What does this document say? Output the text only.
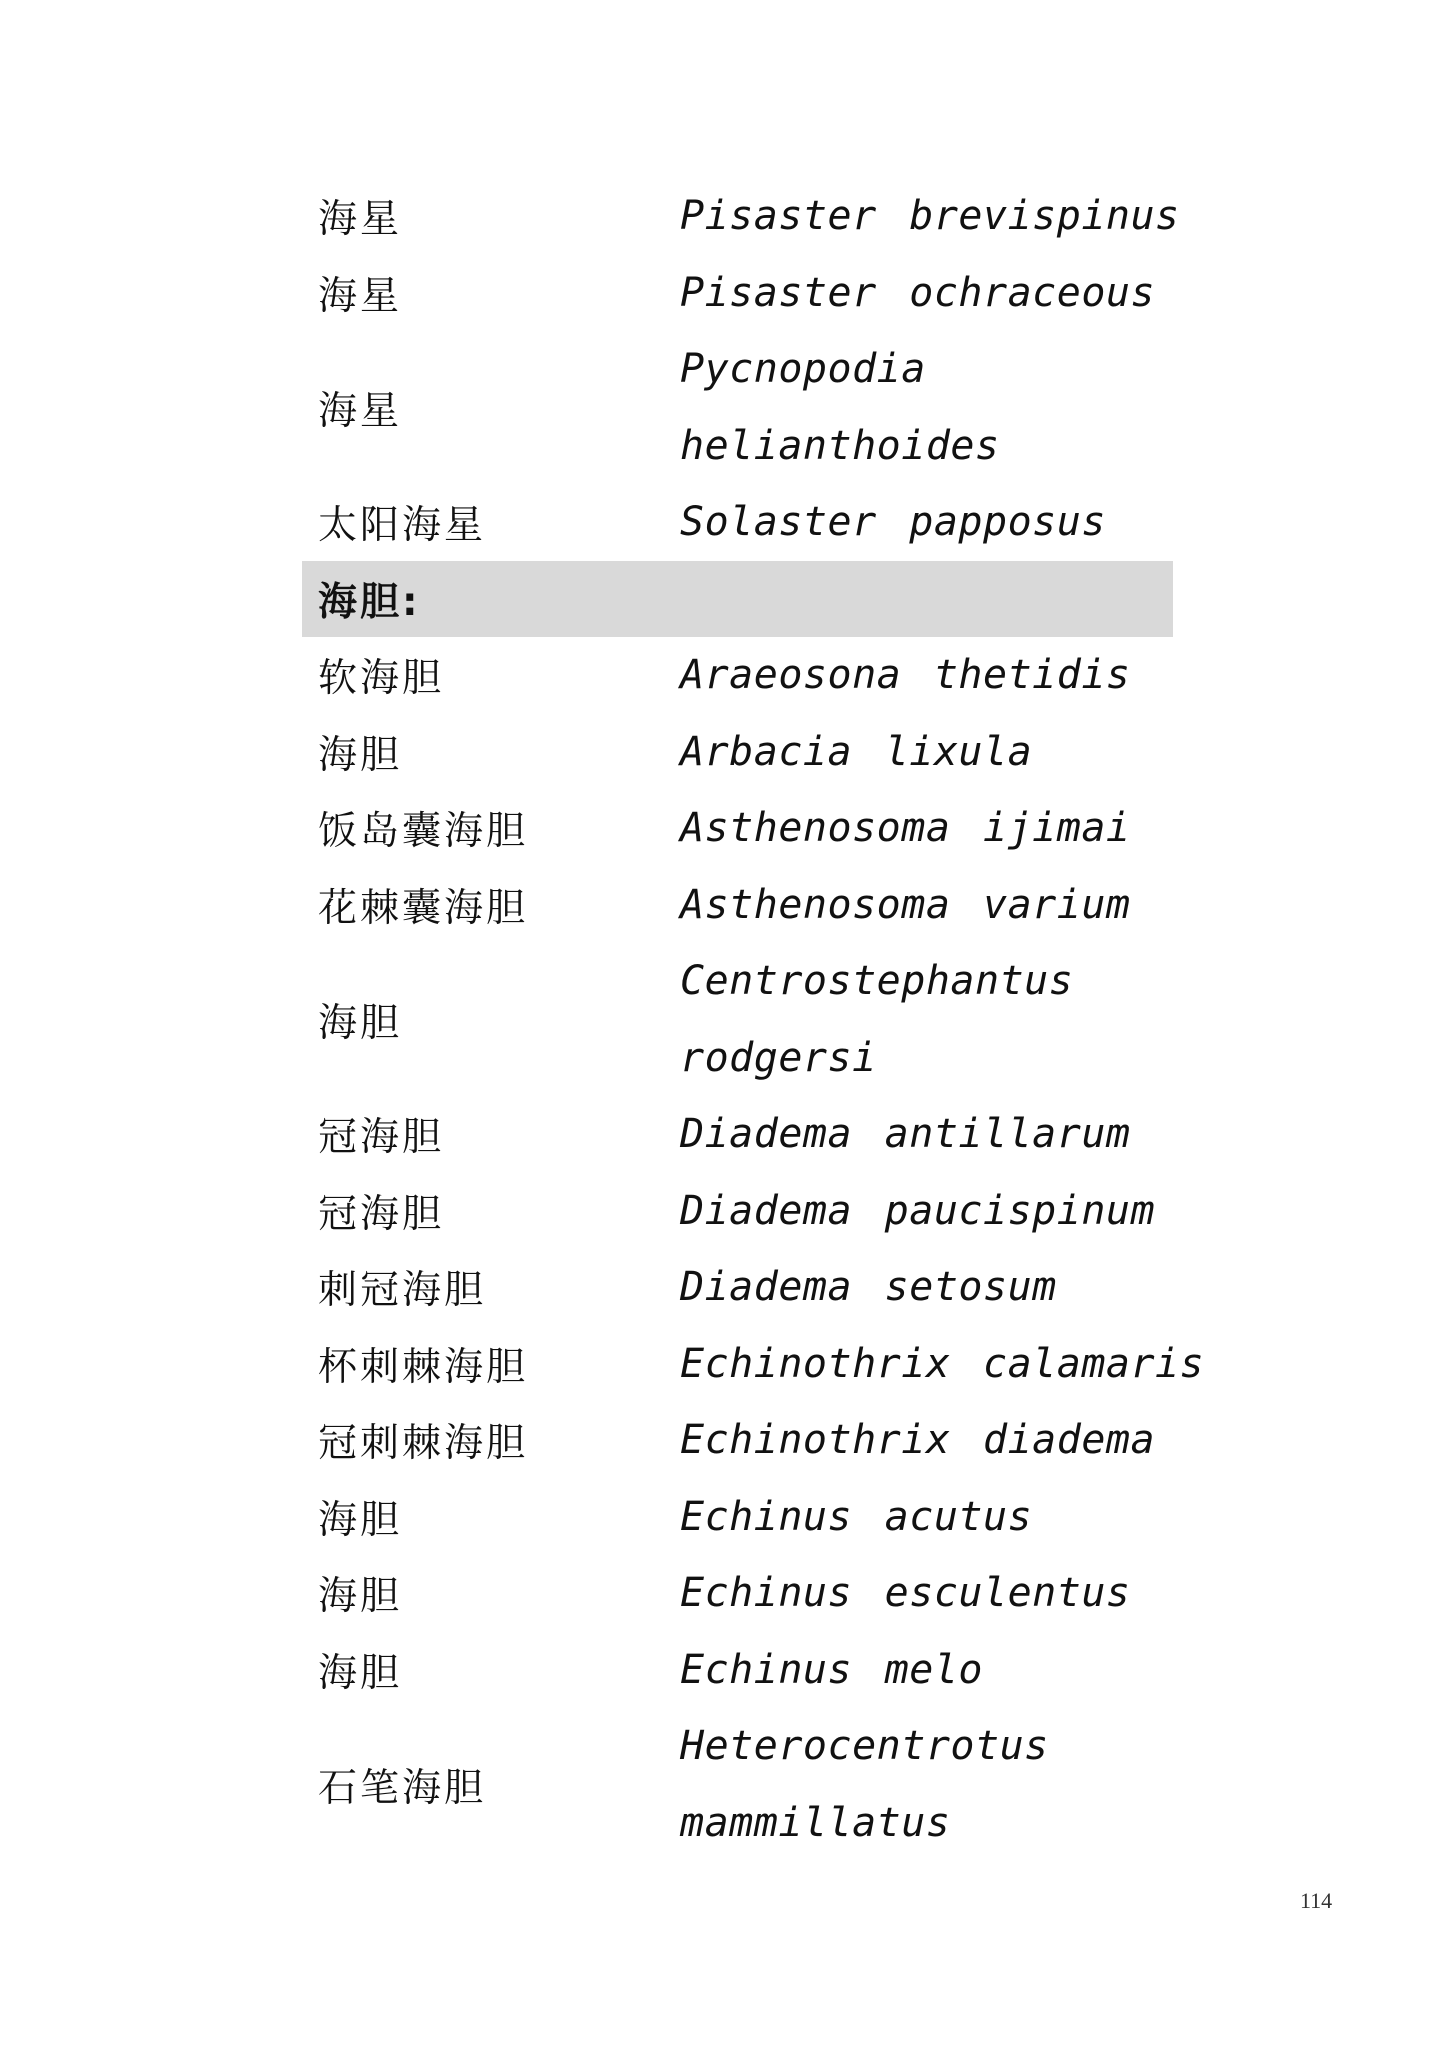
海星	Pisaster brevispinus

海星	Pisaster ochraceous

海星	Pycnopodia
helianthoides

太阳海星	Solaster papposus

海胆:	
软海胆	Araeosona thetidis

海胆	Arbacia lixula

饭岛囊海胆	Asthenosoma ijimai

花棘囊海胆	Asthenosoma varium

海胆	Centrostephantus
rodgersi

冠海胆	Diadema antillarum

冠海胆	Diadema paucispinum

刺冠海胆	Diadema setosum

杯刺棘海胆	Echinothrix calamaris

冠刺棘海胆	Echinothrix diadema

海胆	Echinus acutus

海胆	Echinus esculentus

海胆	Echinus melo

石笔海胆	Heterocentrotus
mammillatus
114
